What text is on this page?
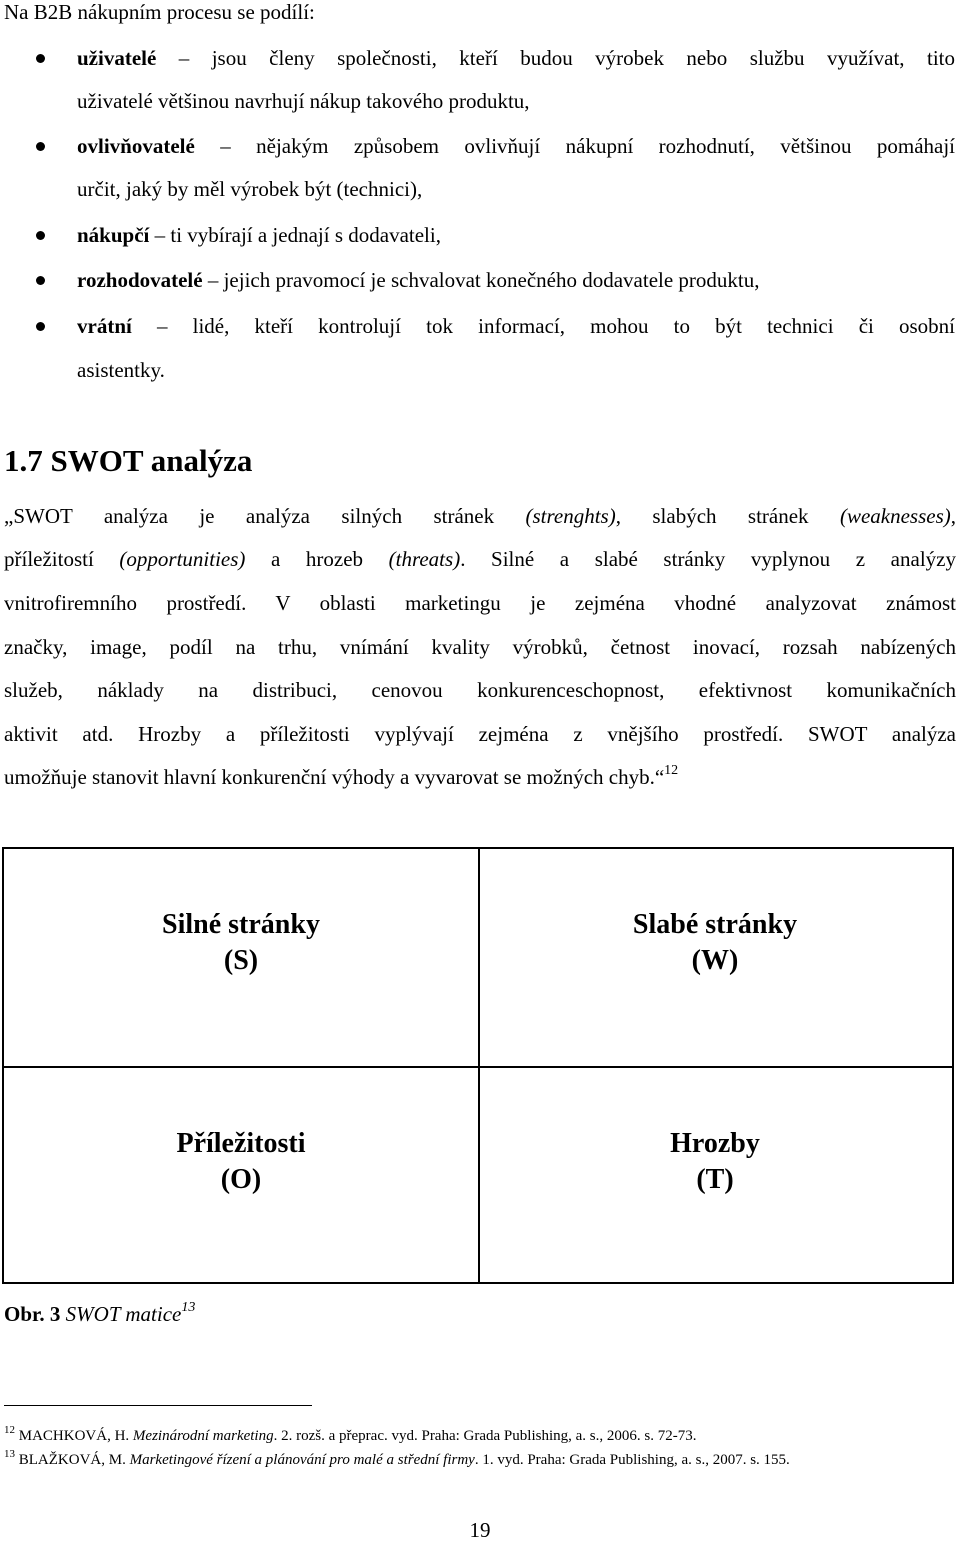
Na B2B nákupním procesu se podílí:
uživatelé – jsou členy společnosti, kteří budou výrobek nebo službu využívat, tito
uživatelé většinou navrhují nákup takového produktu,
ovlivňovatelé – nějakým způsobem ovlivňují nákupní rozhodnutí, většinou pomáhají
určit, jaký by měl výrobek být (technici),
nákupčí – ti vybírají a jednají s dodavateli,
rozhodovatelé – jejich pravomocí je schvalovat konečného dodavatele produktu,
vrátní – lidé, kteří kontrolují tok informací, mohou to být technici či osobní
asistentky.
1.7 SWOT analýza
„SWOT analýza je analýza silných stránek (strenghts), slabých stránek (weaknesses),
příležitostí (opportunities) a hrozeb (threats). Silné a slabé stránky vyplynou z analýzy
vnitrofiremního prostředí. V oblasti marketingu je zejména vhodné analyzovat známost
značky, image, podíl na trhu, vnímání kvality výrobků, četnost inovací, rozsah nabízených
služeb, náklady na distribuci, cenovou konkurenceschopnost, efektivnost komunikačních
aktivit atd. Hrozby a příležitosti vyplývají zejména z vnějšího prostředí. SWOT analýza
umožňuje stanovit hlavní konkurenční výhody a vyvarovat se možných chyb.“$^{12}$
Silné stránky
(S)
Slabé stránky
(W)
Příležitosti
(O)
Hrozby
(T)
Obr. 3 SWOT matice$^{13}$
$^{12}$ MACHKOVÁ, H. Mezinárodní marketing. 2. rozš. a přeprac. vyd. Praha: Grada Publishing, a. s., 2006. s. 72-73.
$^{13}$ BLAŽKOVÁ, M. Marketingové řízení a plánování pro malé a střední firmy. 1. vyd. Praha: Grada Publishing, a. s., 2007. s. 155.
19
